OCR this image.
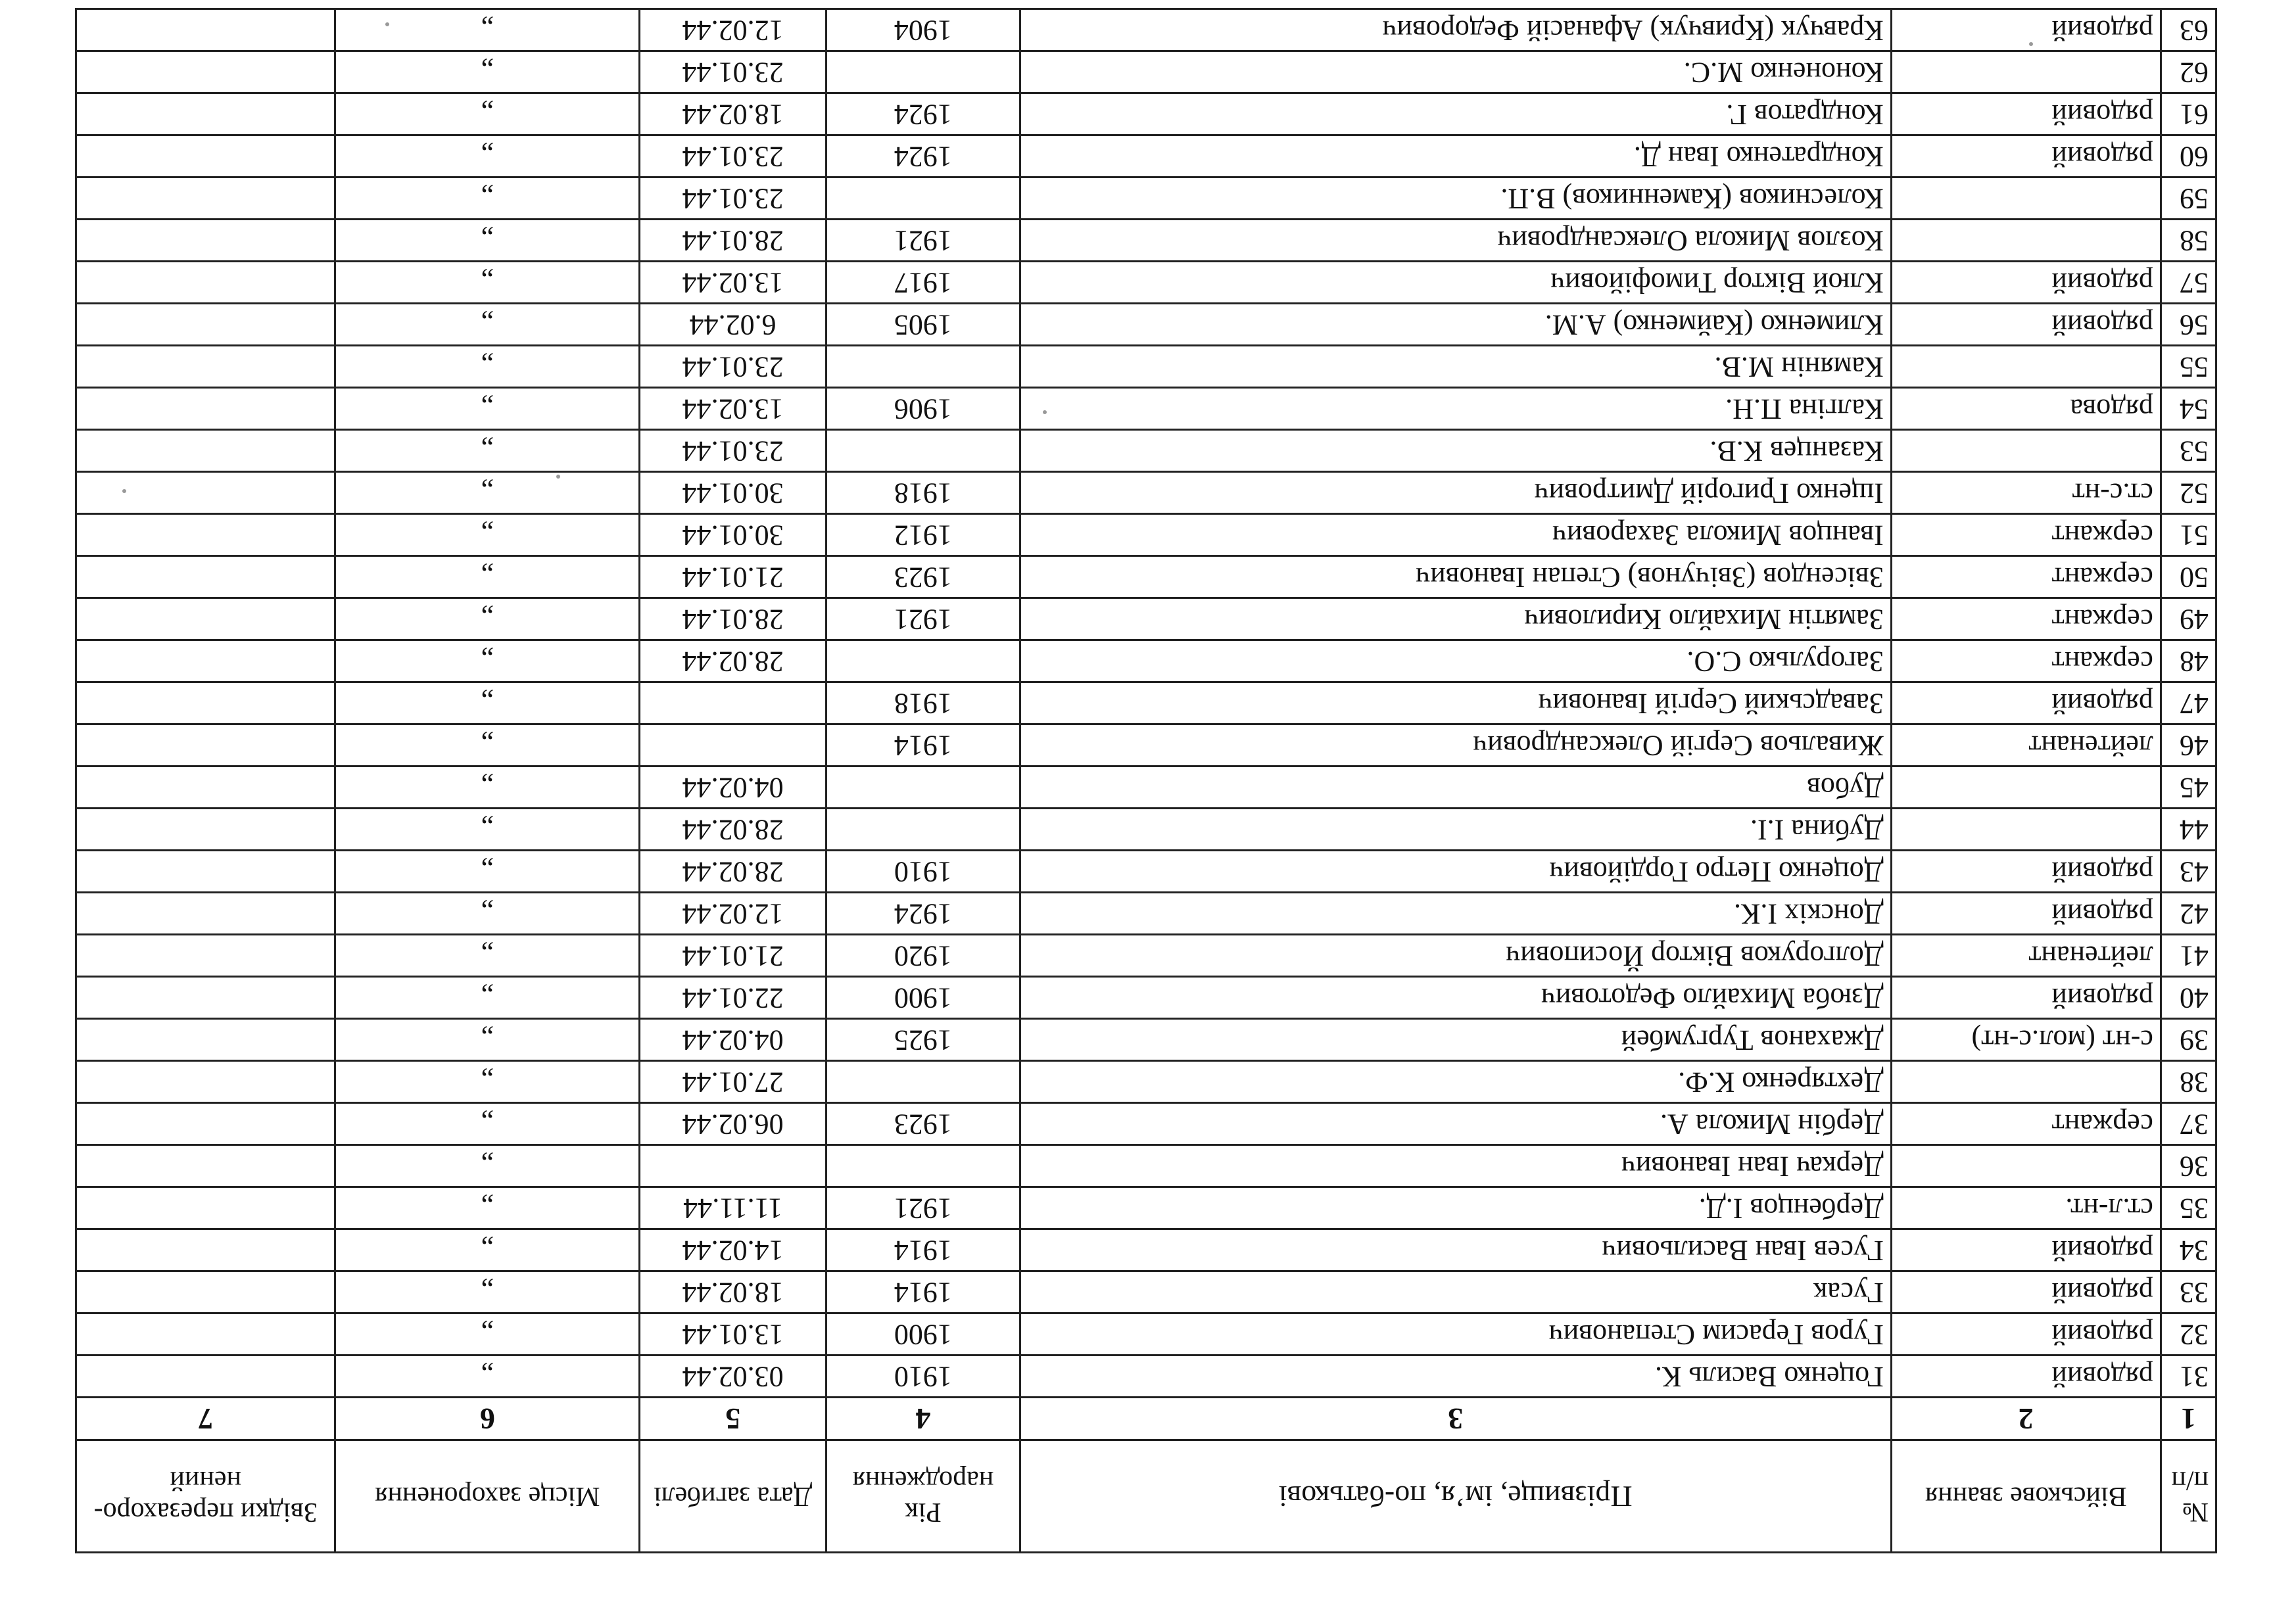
№ п/п	Військове звання	Прізвище, ім’я, по-батькові	Рік народження	Дата загибелі	Місце захоронення	Звідки перезахоро-нений
1	2	3	4	5	6	7
31	рядовий	Гоценко Василь К.	1910	03.02.44	„	
32	рядовий	Гуров Герасим Степанович	1900	13.01.44	„	
33	рядовий	Гусак	1914	18.02.44	„	
34	рядовий	Гусев Іван Васильович	1914	14.02.44	„	
35	ст.л-нт.	Дербенцов І.Д.	1921	11.11.44	„	
36		Деркач Іван Іванович			„	
37	сержант	Дербін Микола А.	1923	06.02.44	„	
38		Дехтяренко К.Ф.		27.01.44	„	
39	с-нт (мол.с-нт)	Джаханов Тургумбей	1925	04.02.44	„	
40	рядовий	Дзюба Михайло Федотович	1900	22.01.44	„	
41	лейтенант	Долгоруков Віктор Йосипович	1920	21.01.44	„	
42	рядовий	Донскіх І.К.	1924	12.02.44	„	
43	рядовий	Доценко Петро Гордійович	1910	28.02.44	„	
44		Дубина І.І.		28.02.44	„	
45		Дубов		04.02.44	„	
46	лейтенант	Живальов Сергій Олександрович	1914		„	
47	рядовий	Завадський Сергій Іванович	1918		„	
48	сержант	Загорулько С.О.		28.02.44	„	
49	сержант	Замятін Михайло Кирилович	1921	28.01.44	„	
50	сержант	Звісендов (Звічунов) Степан Іванович	1923	21.01.44	„	
51	сержант	Іванцов Микола Захарович	1912	30.01.44	„	
52	ст.с-нт	Іщенко Григорій Дмитрович	1918	30.01.44	„	
53		Казанцев К.В.		23.01.44	„	
54	рядова	Калгіна П.Н.	1906	13.02.44	„	
55		Камянін М.В.		23.01.44	„	
56	рядовий	Клименко (Кайменко) А.М.	1905	6.02.44	„	
57	рядовий	Клюй Віктор Тимофійович	1917	13.02.44	„	
58		Козлов Микола Олександрович	1921	28.01.44	„	
59		Колесников (Каменников) В.П.		23.01.44	„	
60	рядовий	Кондратенко Іван Д.	1924	23.01.44	„	
61	рядовий	Кондратов Г.	1924	18.02.44	„	
62		Кононенко М.С.		23.01.44	„	
63	рядовий	Кравчук (Кривчук) Афанасій Федорович	1904	12.02.44	„	
